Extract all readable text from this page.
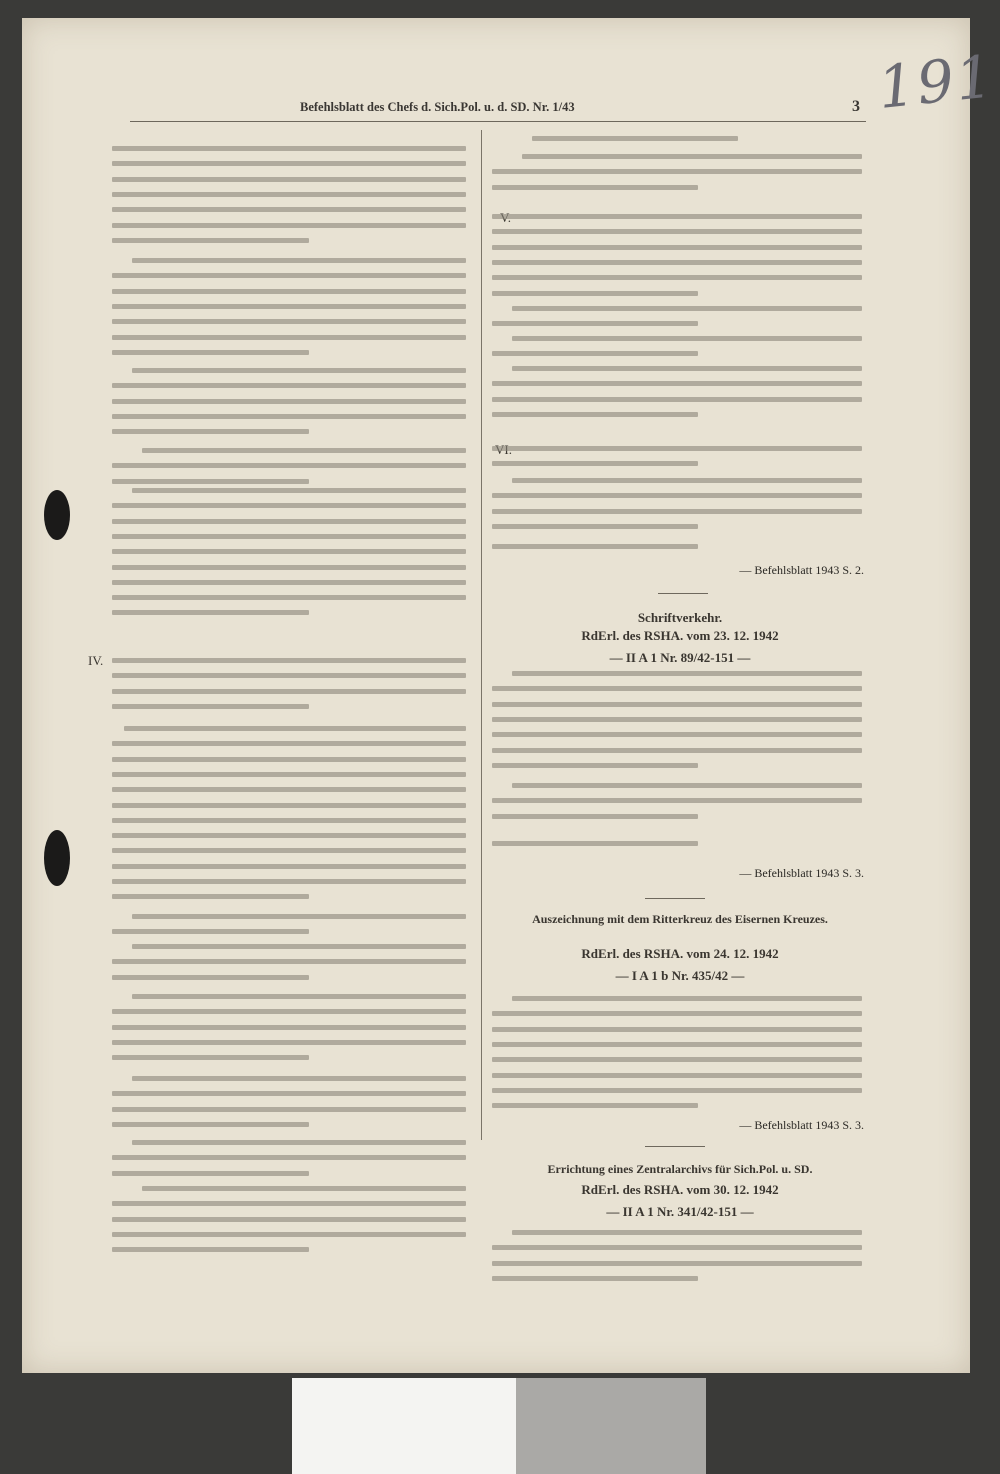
191
Befehlsblatt des Chefs d. Sich.Pol. u. d. SD. Nr. 1/43	3
IV.
Schriftverkehr.
RdErl. des RSHA. vom 23. 12. 1942
— II A 1 Nr. 89/42-151 —
— Befehlsblatt 1943 S. 3.
— Befehlsblatt 1943 S. 2.
Auszeichnung mit dem Ritterkreuz des Eisernen Kreuzes.
RdErl. des RSHA. vom 24. 12. 1942
— I A 1 b Nr. 435/42 —
— Befehlsblatt 1943 S. 3.
Errichtung eines Zentralarchivs für Sich.Pol. u. SD.
RdErl. des RSHA. vom 30. 12. 1942
— II A 1 Nr. 341/42-151 —
